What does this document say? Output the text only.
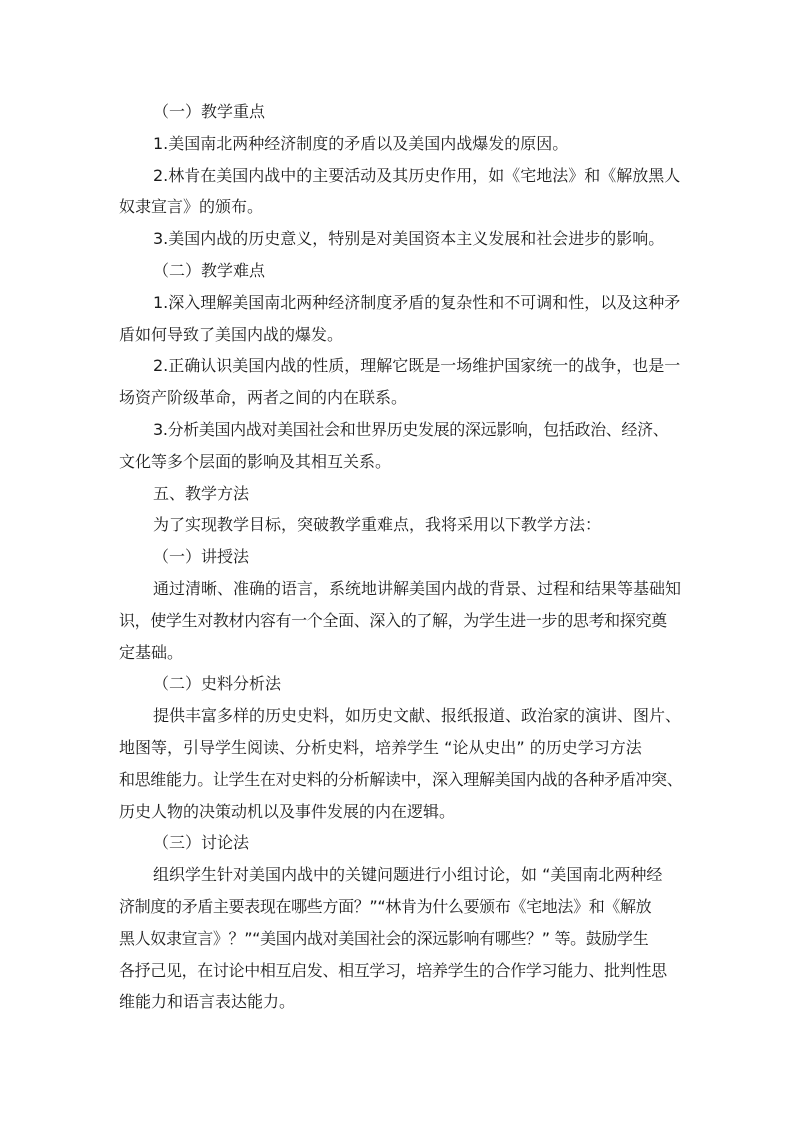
（一）教学重点
1.美国南北两种经济制度的矛盾以及美国内战爆发的原因。
2.林肯在美国内战中的主要活动及其历史作用，如《宅地法》和《解放黑人
奴隶宣言》的颁布。
3.美国内战的历史意义，特别是对美国资本主义发展和社会进步的影响。
（二）教学难点
1.深入理解美国南北两种经济制度矛盾的复杂性和不可调和性，以及这种矛
盾如何导致了美国内战的爆发。
2.正确认识美国内战的性质，理解它既是一场维护国家统一的战争，也是一
场资产阶级革命，两者之间的内在联系。
3.分析美国内战对美国社会和世界历史发展的深远影响，包括政治、经济、
文化等多个层面的影响及其相互关系。
五、教学方法
为了实现教学目标，突破教学重难点，我将采用以下教学方法：
（一）讲授法
通过清晰、准确的语言，系统地讲解美国内战的背景、过程和结果等基础知
识，使学生对教材内容有一个全面、深入的了解，为学生进一步的思考和探究奠
定基础。
（二）史料分析法
提供丰富多样的历史史料，如历史文献、报纸报道、政治家的演讲、图片、
地图等，引导学生阅读、分析史料，培养学生 “论从史出” 的历史学习方法
和思维能力。让学生在对史料的分析解读中，深入理解美国内战的各种矛盾冲突、
历史人物的决策动机以及事件发展的内在逻辑。
（三）讨论法
组织学生针对美国内战中的关键问题进行小组讨论，如 “美国南北两种经
济制度的矛盾主要表现在哪些方面？”“林肯为什么要颁布《宅地法》和《解放
黑人奴隶宣言》？”“美国内战对美国社会的深远影响有哪些？” 等。鼓励学生
各抒己见，在讨论中相互启发、相互学习，培养学生的合作学习能力、批判性思
维能力和语言表达能力。
